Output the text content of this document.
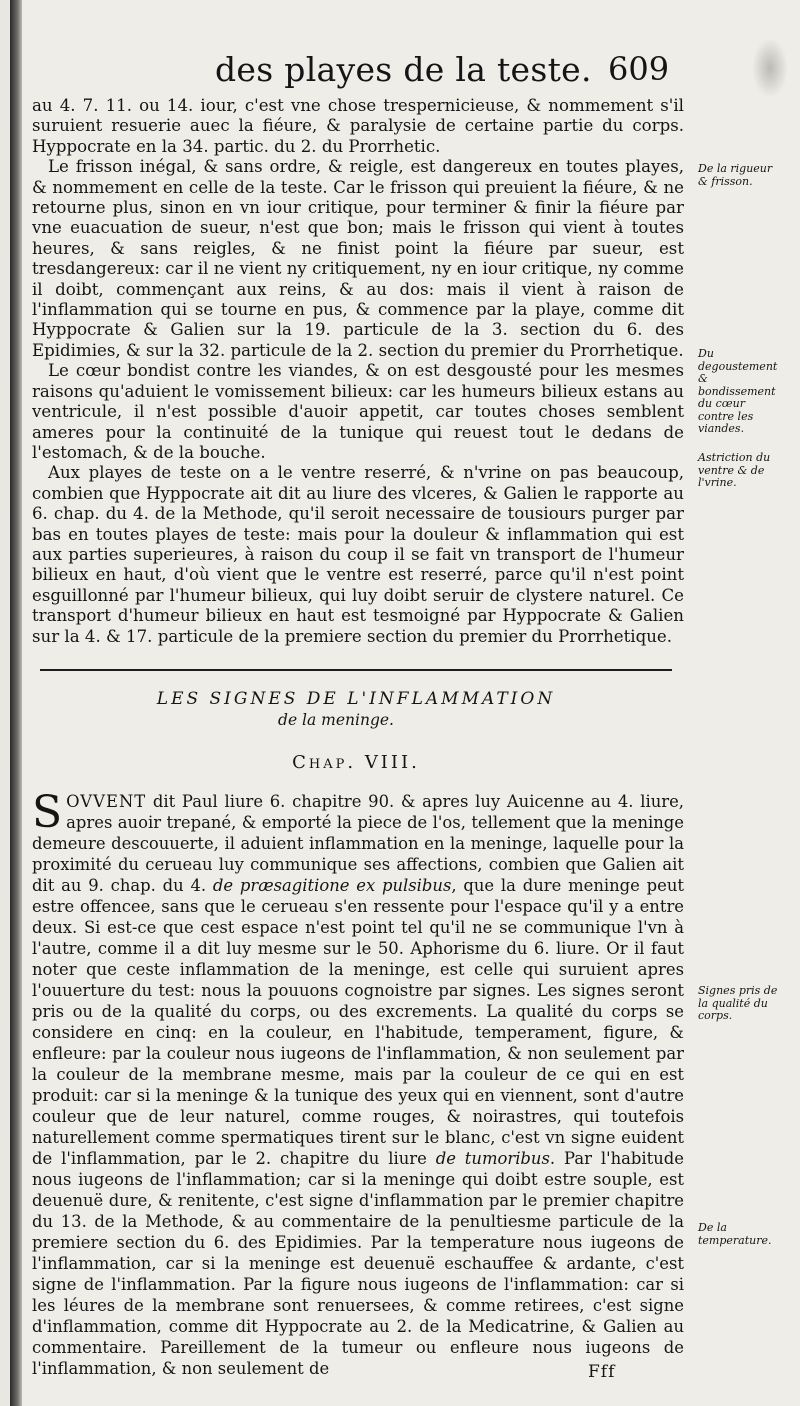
des playes de la teste. 609

au 4. 7. 11. ou 14. iour, c'est vne chose trespernicieuse, & nommement s'il suruient resuerie auec la fiéure, & paralysie de certaine partie du corps. Hyppocrate en la 34. partic. du 2. du Prorrhetic.

Le frisson inégal, & sans ordre, & reigle, est dangereux en toutes playes, & nommement en celle de la teste. Car le frisson qui preuient la fiéure, & ne retourne plus, sinon en vn iour critique, pour terminer & finir la fiéure par vne euacuation de sueur, n'est que bon; mais le frisson qui vient à toutes heures, & sans reigles, & ne finist point la fiéure par sueur, est tresdangereux: car il ne vient ny critiquement, ny en iour critique, ny comme il doibt, commençant aux reins, & au dos: mais il vient à raison de l'inflammation qui se tourne en pus, & commence par la playe, comme dit Hyppocrate & Galien sur la 19. particule de la 3. section du 6. des Epidimies, & sur la 32. particule de la 2. section du premier du Prorrhetique.

Le cœur bondist contre les viandes, & on est desgousté pour les mesmes raisons qu'aduient le vomissement bilieux: car les humeurs bilieux estans au ventricule, il n'est possible d'auoir appetit, car toutes choses semblent ameres pour la continuité de la tunique qui reuest tout le dedans de l'estomach, & de la bouche.

Aux playes de teste on a le ventre reserré, & n'vrine on pas beaucoup, combien que Hyppocrate ait dit au liure des vlceres, & Galien le rapporte au 6. chap. du 4. de la Methode, qu'il seroit necessaire de tousiours purger par bas en toutes playes de teste: mais pour la douleur & inflammation qui est aux parties superieures, à raison du coup il se fait vn transport de l'humeur bilieux en haut, d'où vient que le ventre est reserré, parce qu'il n'est point esguillonné par l'humeur bilieux, qui luy doibt seruir de clystere naturel. Ce transport d'humeur bilieux en haut est tesmoigné par Hyppocrate & Galien sur la 4. & 17. particule de la premiere section du premier du Prorrhetique.

De la rigueur & frisson.
Du degoustement & bondissement du cœur contre les viandes.
Astriction du ventre & de l'vrine.
Signes pris de la qualité du corps.
De la temperature.
LES SIGNES DE L'INFLAMMATION
de la meninge.
Chap. VIII.

SOVVENT dit Paul liure 6. chapitre 90. & apres luy Auicenne au 4. liure, apres auoir trepané, & emporté la piece de l'os, tellement que la meninge demeure descouuerte, il aduient inflammation en la meninge, laquelle pour la proximité du cerueau luy communique ses affections, combien que Galien ait dit au 9. chap. du 4. de præsagitione ex pulsibus, que la dure meninge peut estre offencee, sans que le cerueau s'en ressente pour l'espace qu'il y a entre deux. Si est-ce que cest espace n'est point tel qu'il ne se communique l'vn à l'autre, comme il a dit luy mesme sur le 50. Aphorisme du 6. liure. Or il faut noter que ceste inflammation de la meninge, est celle qui suruient apres l'ouuerture du test: nous la pouuons cognoistre par signes. Les signes seront pris ou de la qualité du corps, ou des excrements. La qualité du corps se considere en cinq: en la couleur, en l'habitude, temperament, figure, & enfleure: par la couleur nous iugeons de l'inflammation, & non seulement par la couleur de la membrane mesme, mais par la couleur de ce qui en est produit: car si la meninge & la tunique des yeux qui en viennent, sont d'autre couleur que de leur naturel, comme rouges, & noirastres, qui toutefois naturellement comme spermatiques tirent sur le blanc, c'est vn signe euident de l'inflammation, par le 2. chapitre du liure de tumoribus. Par l'habitude nous iugeons de l'inflammation; car si la meninge qui doibt estre souple, est deuenuë dure, & renitente, c'est signe d'inflammation par le premier chapitre du 13. de la Methode, & au commentaire de la penultiesme particule de la premiere section du 6. des Epidimies. Par la temperature nous iugeons de l'inflammation, car si la meninge est deuenuë eschauffee & ardante, c'est signe de l'inflammation. Par la figure nous iugeons de l'inflammation: car si les léures de la membrane sont renuersees, & comme retirees, c'est signe d'inflammation, comme dit Hyppocrate au 2. de la Medicatrine, & Galien au commentaire. Pareillement de la tumeur ou enfleure nous iugeons de l'inflammation, & non seulement de	Fff
